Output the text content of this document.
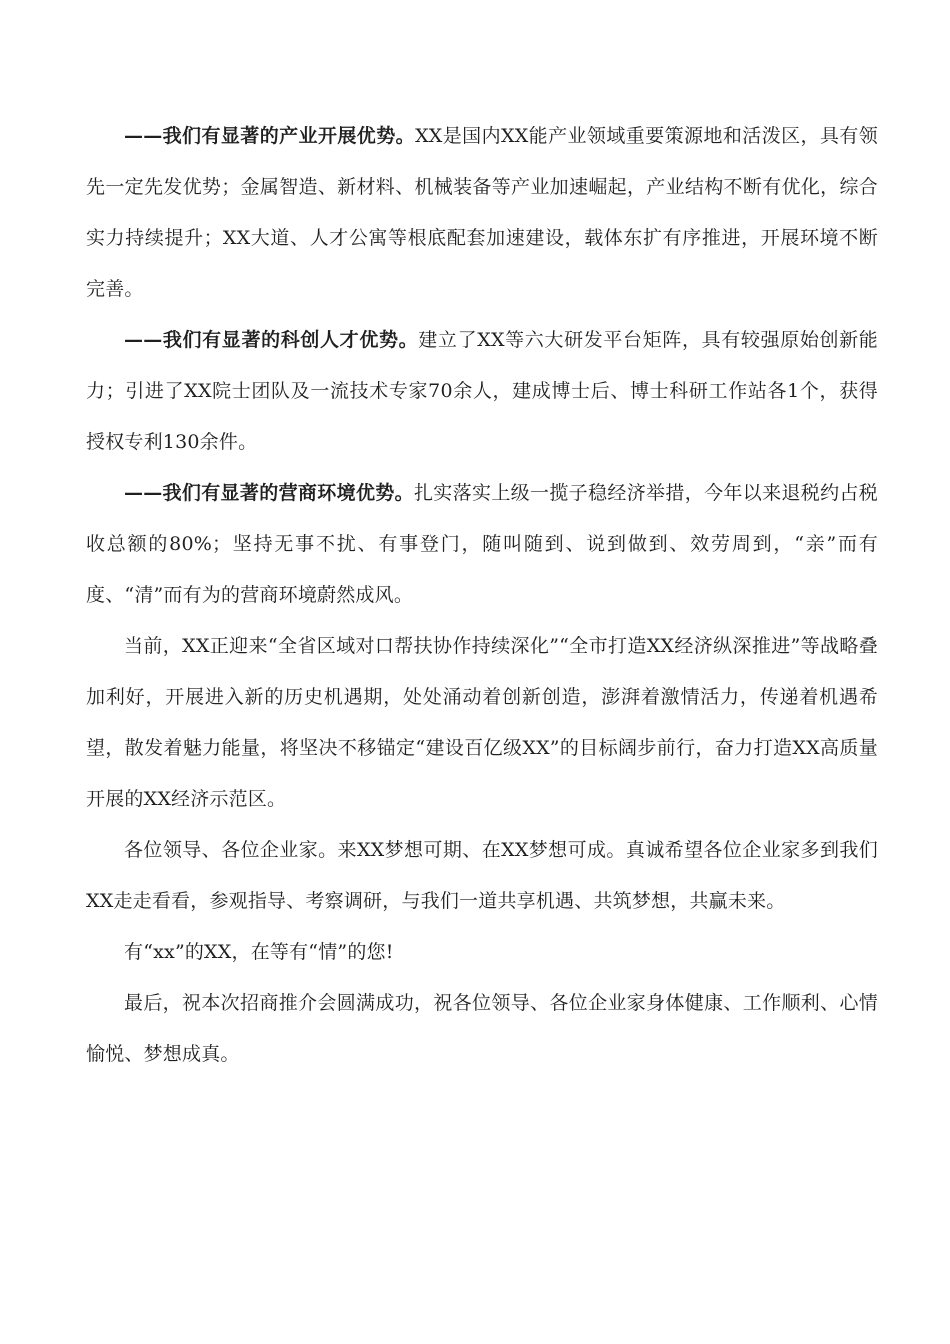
——我们有显著的产业开展优势。XX是国内XX能产业领域重要策源地和活泼区，具有领先一定先发优势；金属智造、新材料、机械装备等产业加速崛起，产业结构不断有优化，综合实力持续提升；XX大道、人才公寓等根底配套加速建设，载体东扩有序推进，开展环境不断完善。

——我们有显著的科创人才优势。建立了XX等六大研发平台矩阵，具有较强原始创新能力；引进了XX院士团队及一流技术专家70余人，建成博士后、博士科研工作站各1个，获得授权专利130余件。

——我们有显著的营商环境优势。扎实落实上级一揽子稳经济举措，今年以来退税约占税收总额的80%；坚持无事不扰、有事登门，随叫随到、说到做到、效劳周到，“亲”而有度、“清”而有为的营商环境蔚然成风。

当前，XX正迎来“全省区域对口帮扶协作持续深化”“全市打造XX经济纵深推进”等战略叠加利好，开展进入新的历史机遇期，处处涌动着创新创造，澎湃着激情活力，传递着机遇希望，散发着魅力能量，将坚决不移锚定“建设百亿级XX”的目标阔步前行，奋力打造XX高质量开展的XX经济示范区。

各位领导、各位企业家。来XX梦想可期、在XX梦想可成。真诚希望各位企业家多到我们XX走走看看，参观指导、考察调研，与我们一道共享机遇、共筑梦想，共赢未来。

有“xx”的XX，在等有“情”的您!

最后，祝本次招商推介会圆满成功，祝各位领导、各位企业家身体健康、工作顺利、心情愉悦、梦想成真。
